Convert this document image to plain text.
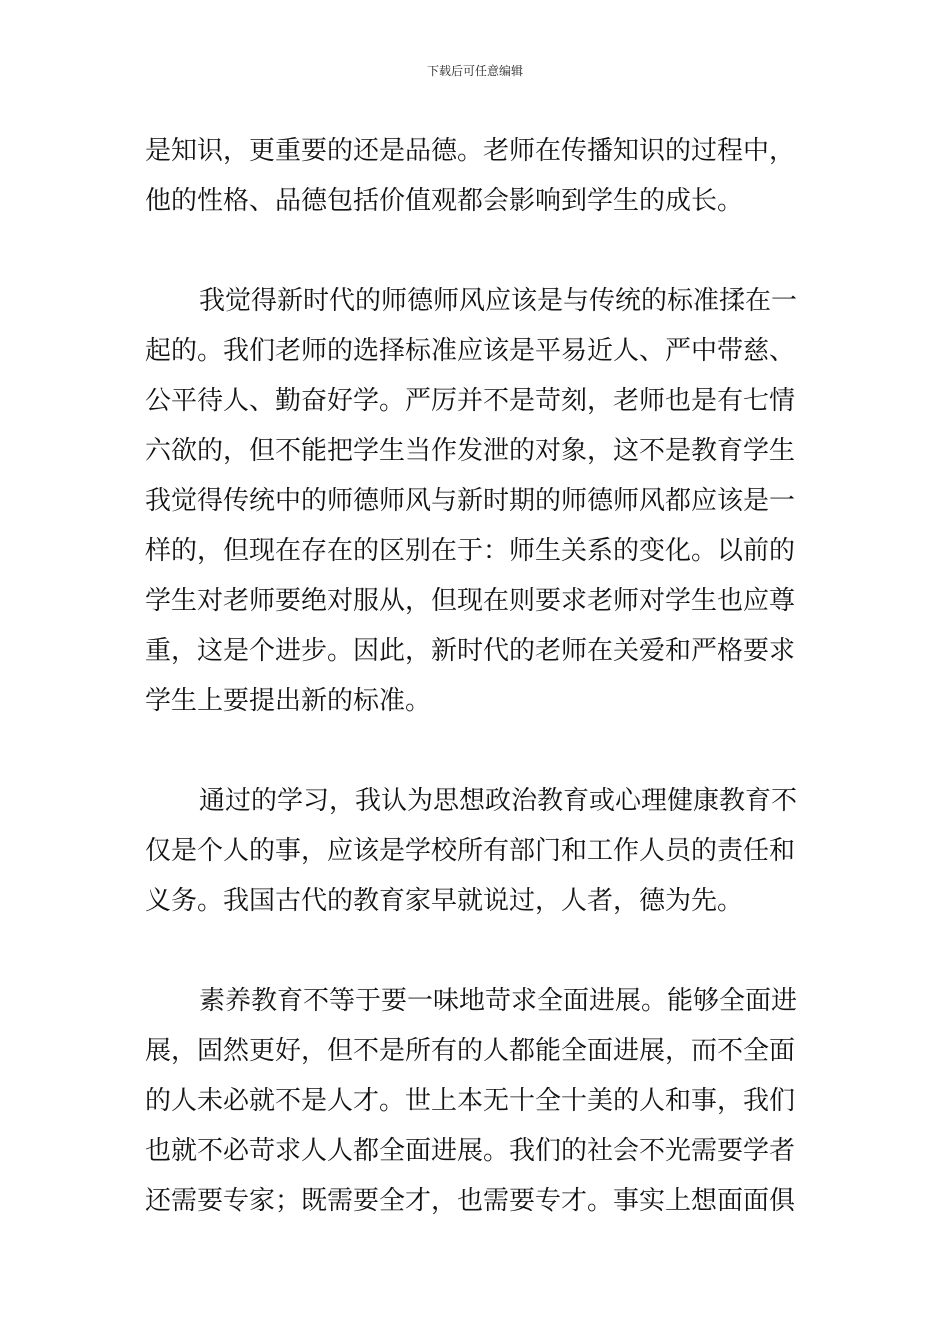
下载后可任意编辑
是知识，更重要的还是品德。老师在传播知识的过程中，
他的性格、品德包括价值观都会影响到学生的成长。
我觉得新时代的师德师风应该是与传统的标准揉在一
起的。我们老师的选择标准应该是平易近人、严中带慈、
公平待人、勤奋好学。严厉并不是苛刻，老师也是有七情
六欲的，但不能把学生当作发泄的对象，这不是教育学生
我觉得传统中的师德师风与新时期的师德师风都应该是一
样的，但现在存在的区别在于：师生关系的变化。以前的
学生对老师要绝对服从，但现在则要求老师对学生也应尊
重，这是个进步。因此，新时代的老师在关爱和严格要求
学生上要提出新的标准。
通过的学习，我认为思想政治教育或心理健康教育不
仅是个人的事，应该是学校所有部门和工作人员的责任和
义务。我国古代的教育家早就说过，人者，德为先。
素养教育不等于要一味地苛求全面进展。能够全面进
展，固然更好，但不是所有的人都能全面进展，而不全面
的人未必就不是人才。世上本无十全十美的人和事，我们
也就不必苛求人人都全面进展。我们的社会不光需要学者
还需要专家；既需要全才，也需要专才。事实上想面面俱
